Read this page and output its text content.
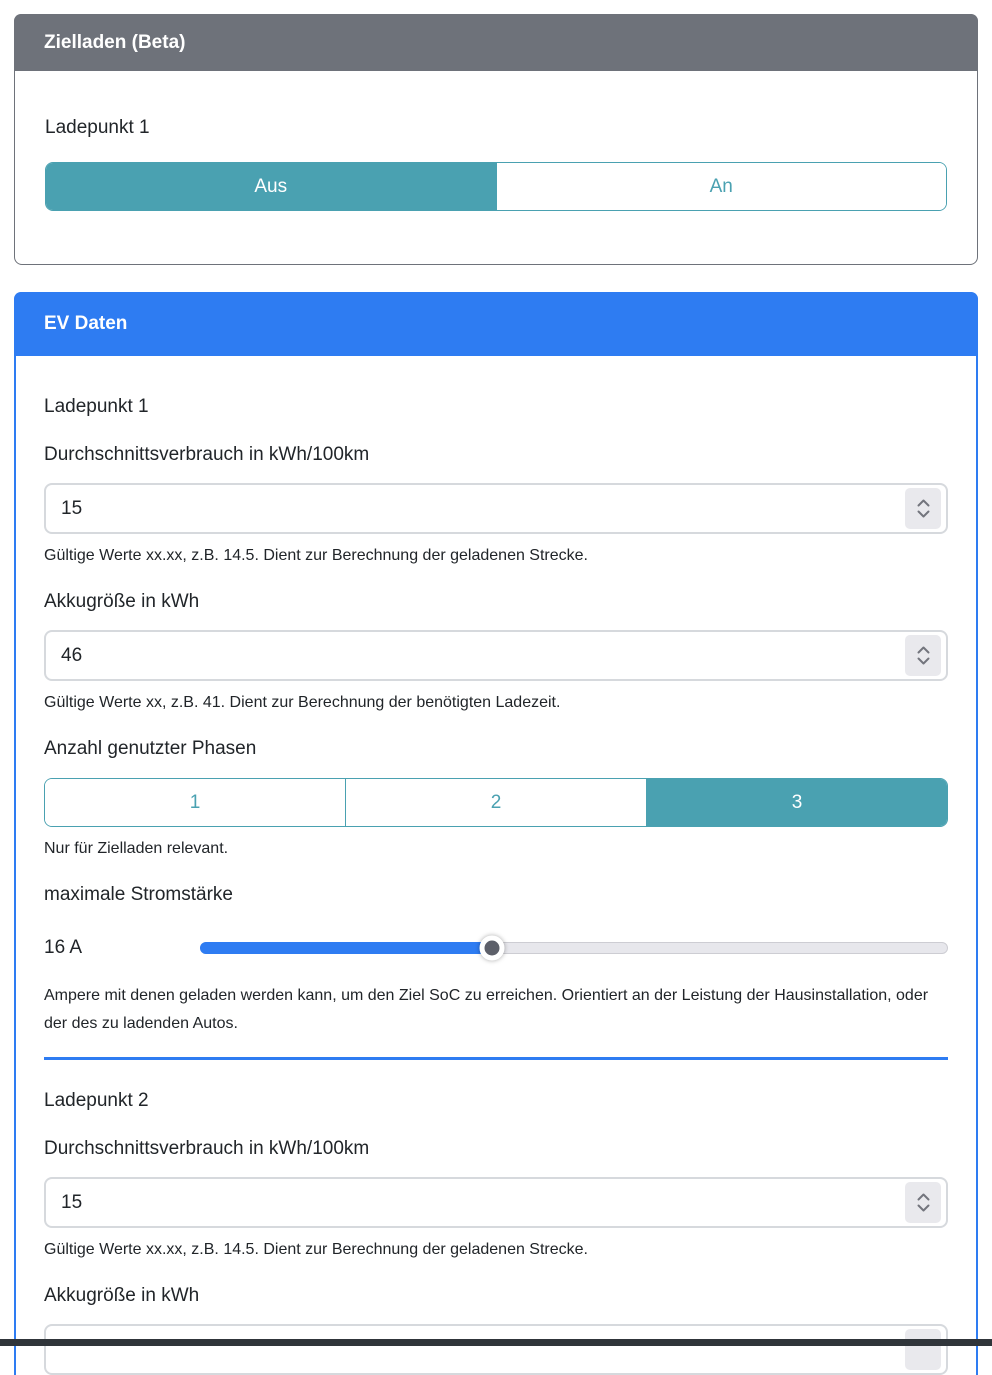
Zielladen (Beta)
Ladepunkt 1
Aus	An
EV Daten
Ladepunkt 1
Durchschnittsverbrauch in kWh/100km
15
Gültige Werte xx.xx, z.B. 14.5. Dient zur Berechnung der geladenen Strecke.
Akkugröße in kWh
46
Gültige Werte xx, z.B. 41. Dient zur Berechnung der benötigten Ladezeit.
Anzahl genutzter Phasen
1	2	3
Nur für Zielladen relevant.
maximale Stromstärke
16 A
Ampere mit denen geladen werden kann, um den Ziel SoC zu erreichen. Orientiert an der Leistung der Hausinstallation, oder der des zu ladenden Autos.
Ladepunkt 2
Durchschnittsverbrauch in kWh/100km
15
Gültige Werte xx.xx, z.B. 14.5. Dient zur Berechnung der geladenen Strecke.
Akkugröße in kWh
